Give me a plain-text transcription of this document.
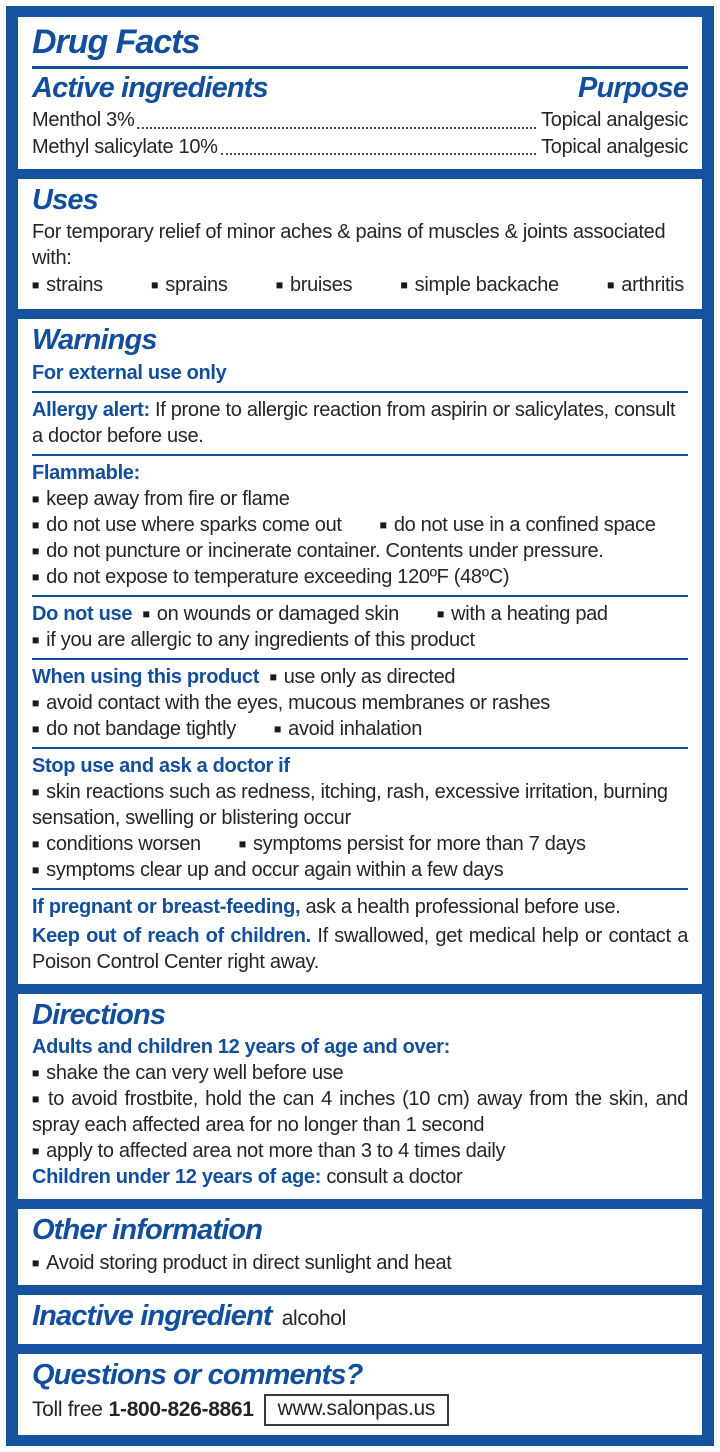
Drug Facts
Active ingredients	Purpose
Menthol 3%	Topical analgesic
Methyl salicylate 10%	Topical analgesic
Uses

For temporary relief of minor aches & pains of muscles & joints associated with:

■ strains	■ sprains	■ bruises	■ simple backache	■ arthritis
Warnings

For external use only

Allergy alert: If prone to allergic reaction from aspirin or salicylates, consult a doctor before use.

Flammable:

■ keep away from fire or flame

■ do not use where sparks come out	■ do not use in a confined space

■ do not puncture or incinerate container. Contents under pressure.

■ do not expose to temperature exceeding 120ºF (48ºC)

Do not use ■ on wounds or damaged skin	■ with a heating pad

■ if you are allergic to any ingredients of this product

When using this product ■ use only as directed

■ avoid contact with the eyes, mucous membranes or rashes

■ do not bandage tightly	■ avoid inhalation

Stop use and ask a doctor if

■ skin reactions such as redness, itching, rash, excessive irritation, burning sensation, swelling or blistering occur

■ conditions worsen	■ symptoms persist for more than 7 days

■ symptoms clear up and occur again within a few days

If pregnant or breast-feeding, ask a health professional before use.

Keep out of reach of children. If swallowed, get medical help or contact a Poison Control Center right away.

Directions

Adults and children 12 years of age and over:

■ shake the can very well before use

■ to avoid frostbite, hold the can 4 inches (10 cm) away from the skin, and spray each affected area for no longer than 1 second

■ apply to affected area not more than 3 to 4 times daily

Children under 12 years of age: consult a doctor

Other information

■ Avoid storing product in direct sunlight and heat

Inactive ingredient alcohol
Questions or comments?
Toll free 1-800-826-8861	www.salonpas.us
